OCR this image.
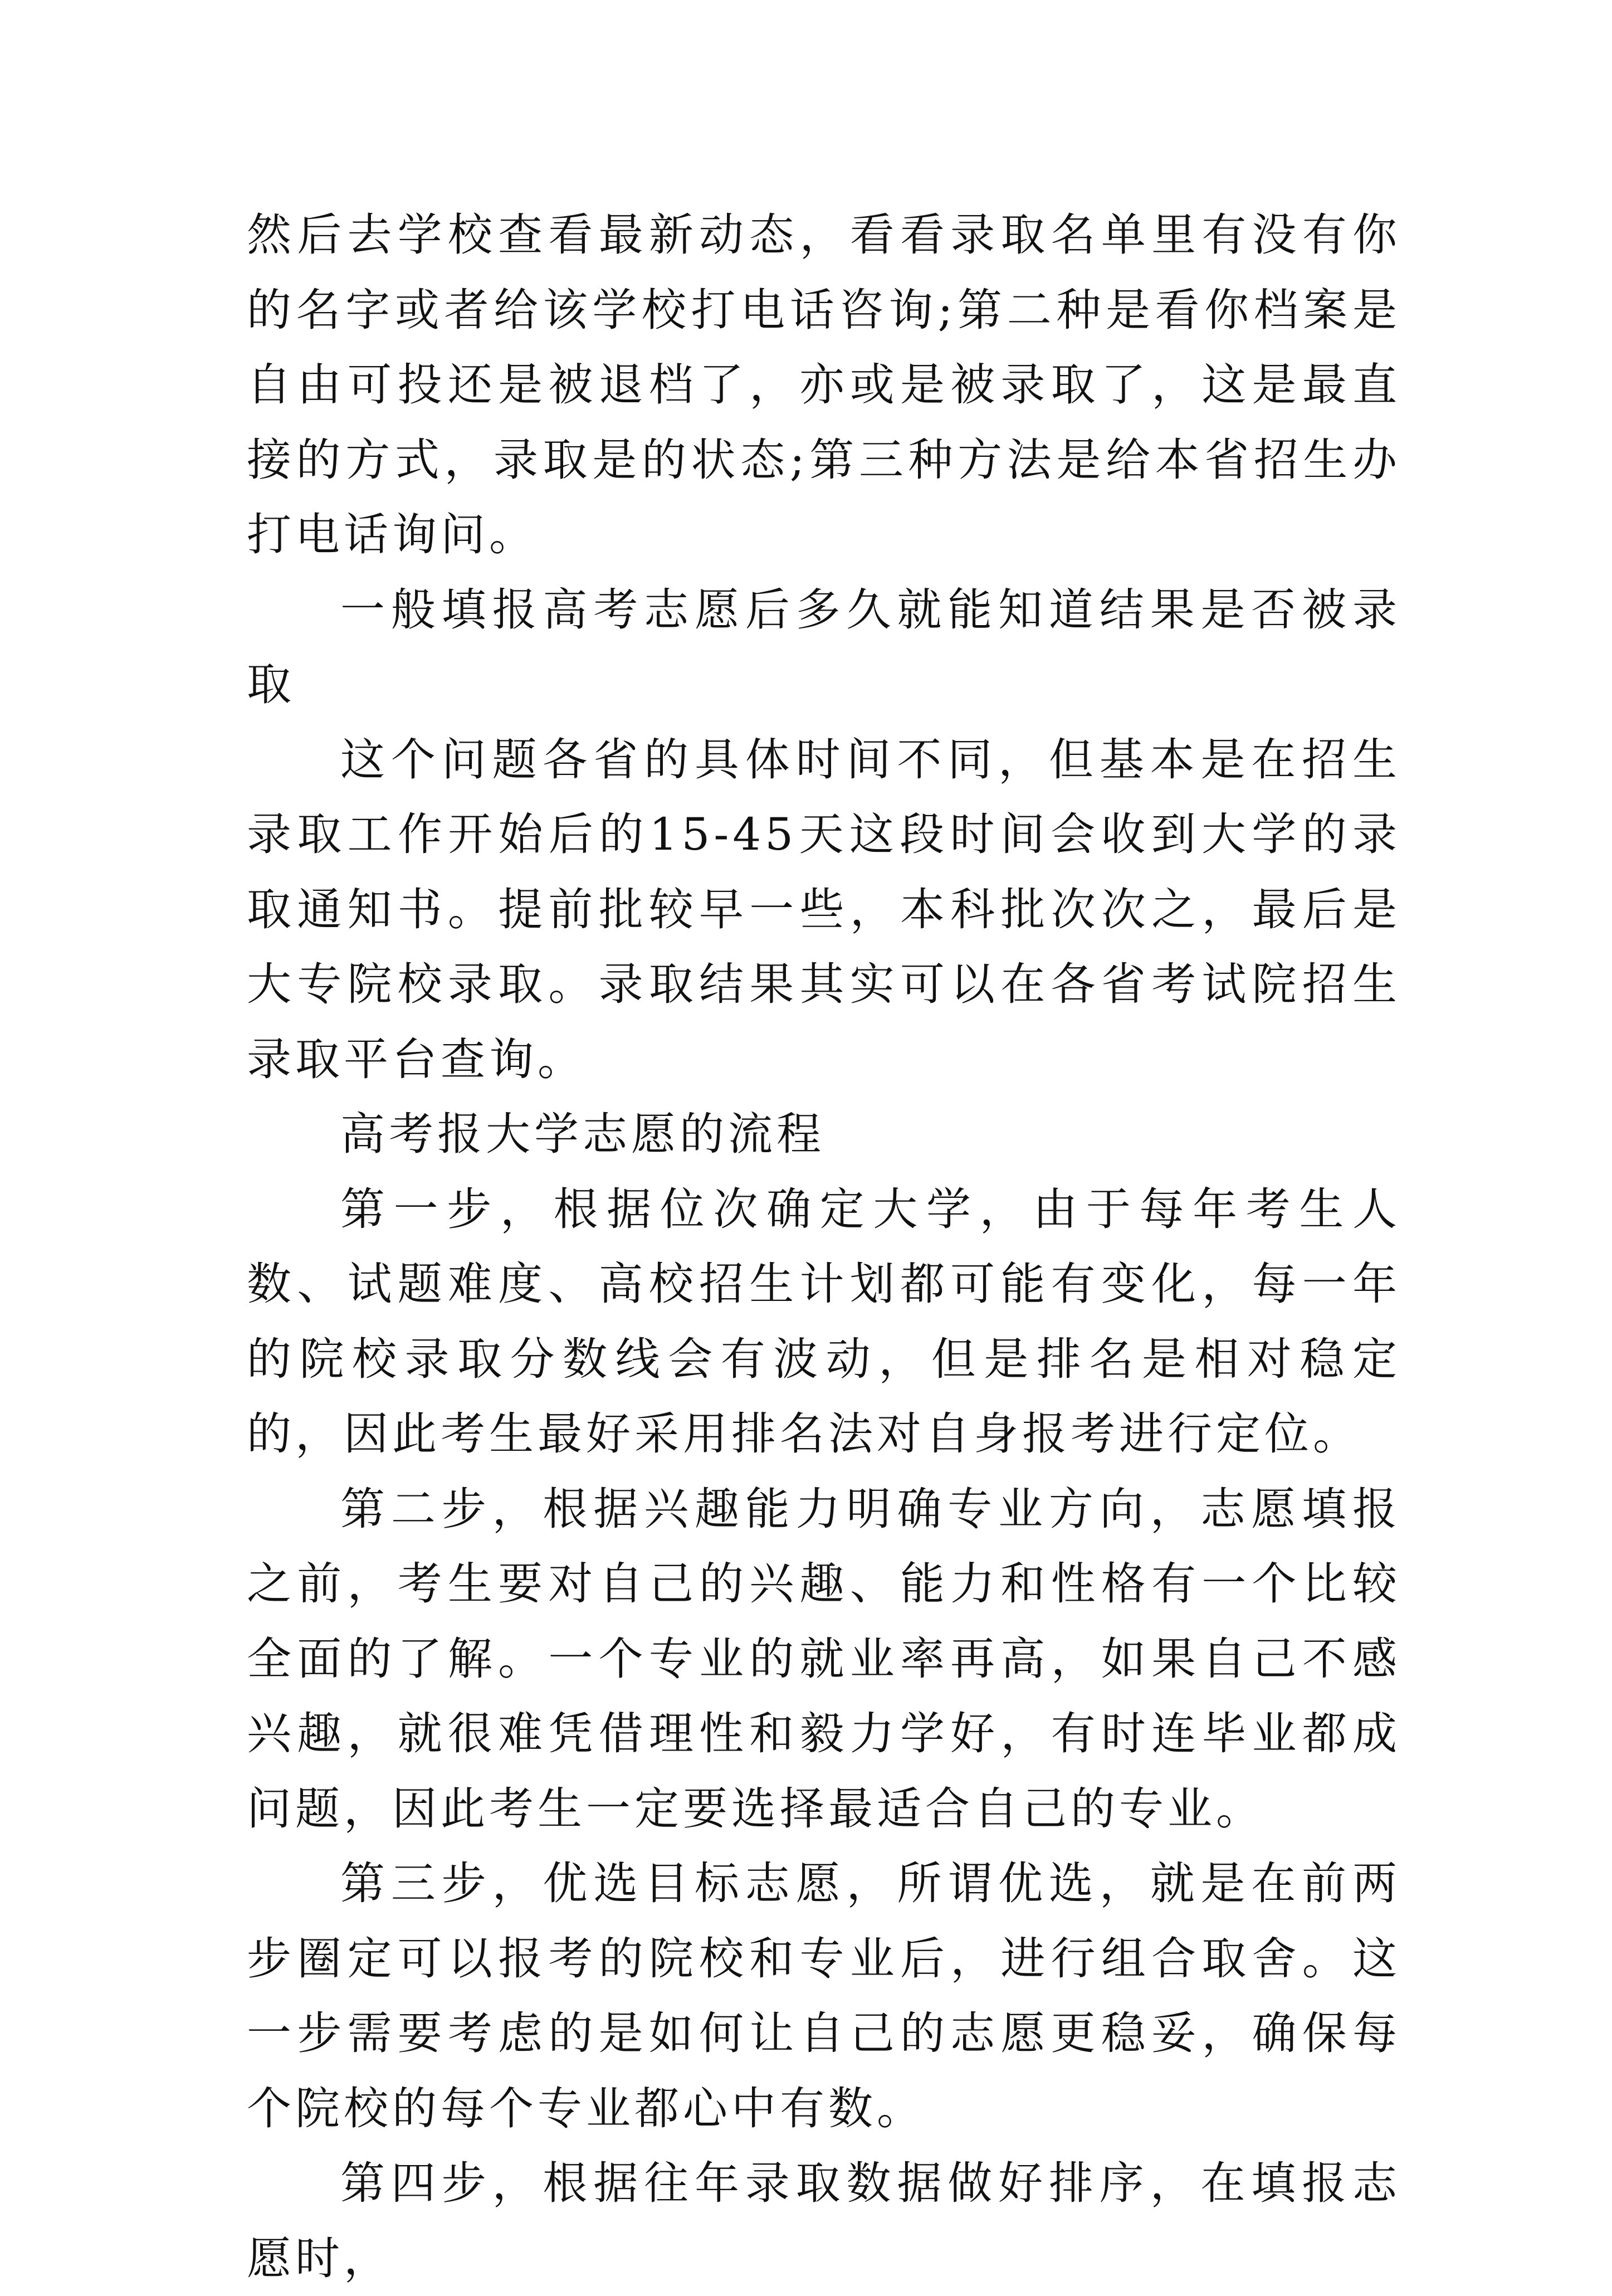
然后去学校查看最新动态，看看录取名单里有没有你的名字或者给该学校打电话咨询;第二种是看你档案是自由可投还是被退档了，亦或是被录取了，这是最直接的方式，录取是的状态;第三种方法是给本省招生办打电话询问。

一般填报高考志愿后多久就能知道结果是否被录取

这个问题各省的具体时间不同，但基本是在招生录取工作开始后的15-45天这段时间会收到大学的录取通知书。提前批较早一些，本科批次次之，最后是大专院校录取。录取结果其实可以在各省考试院招生录取平台查询。

高考报大学志愿的流程

第一步，根据位次确定大学，由于每年考生人数、试题难度、高校招生计划都可能有变化，每一年的院校录取分数线会有波动，但是排名是相对稳定的，因此考生最好采用排名法对自身报考进行定位。

第二步，根据兴趣能力明确专业方向，志愿填报之前，考生要对自己的兴趣、能力和性格有一个比较全面的了解。一个专业的就业率再高，如果自己不感兴趣，就很难凭借理性和毅力学好，有时连毕业都成问题，因此考生一定要选择最适合自己的专业。

第三步，优选目标志愿，所谓优选，就是在前两步圈定可以报考的院校和专业后，进行组合取舍。这一步需要考虑的是如何让自己的志愿更稳妥，确保每个院校的每个专业都心中有数。

第四步，根据往年录取数据做好排序，在填报志愿时，
